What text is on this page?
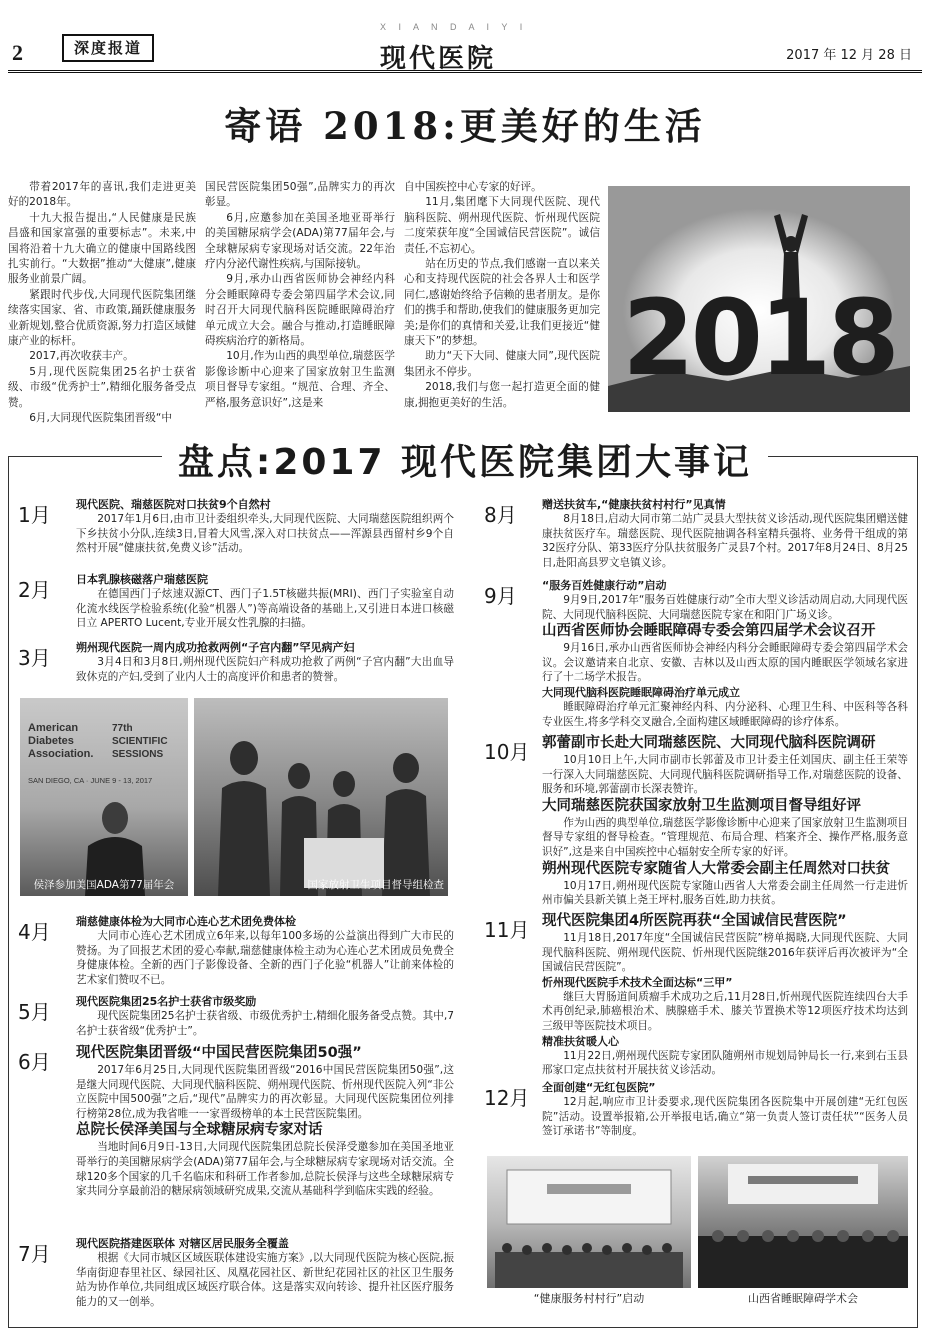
2	深度报道
X I A N D A I Y I
现代医院	2017 年 12 月 28 日
寄语 2018:更美好的生活

带着2017年的喜讯,我们走进更美好的2018年。

十九大报告提出,“人民健康是民族昌盛和国家富强的重要标志”。未来,中国将沿着十九大确立的健康中国路线图扎实前行。“大数据”推动“大健康”,健康服务业前景广阔。

紧跟时代步伐,大同现代医院集团继续落实国家、省、市政策,踊跃健康服务业新规划,整合优质资源,努力打造区域健康产业的标杆。

2017,再次收获丰产。

5月,现代医院集团25名护士获省级、市级“优秀护士”,精细化服务备受点赞。

6月,大同现代医院集团晋级“中

国民营医院集团50强”,品牌实力的再次彰显。

6月,应邀参加在美国圣地亚哥举行的美国糖尿病学会(ADA)第77届年会,与全球糖尿病专家现场对话交流。22年治疗内分泌代谢性疾病,与国际接轨。

9月,承办山西省医师协会神经内科分会睡眠障碍专委会第四届学术会议,同时召开大同现代脑科医院睡眠障碍治疗单元成立大会。融合与推动,打造睡眠障碍疾病治疗的新格局。

10月,作为山西的典型单位,瑞慈医学影像诊断中心迎来了国家放射卫生监测项目督导专家组。“规范、合理、齐全、严格,服务意识好”,这是来

自中国疾控中心专家的好评。

11月,集团麾下大同现代医院、现代脑科医院、朔州现代医院、忻州现代医院二度荣获年度“全国诚信民营医院”。诚信责任,不忘初心。

站在历史的节点,我们感谢一直以来关心和支持现代医院的社会各界人士和医学同仁,感谢始终给予信赖的患者朋友。是你们的携手和帮助,使我们的健康服务更加完美;是你们的真情和关爱,让我们更接近“健康天下”的梦想。

助力“天下大同、健康大同”,现代医院集团永不停步。

2018,我们与您一起打造更全面的健康,拥抱更美好的生活。

2018
盘点:2017 现代医院集团大事记
1月 现代医院、瑞慈医院对口扶贫9个自然村
2017年1月6日,由市卫计委组织牵头,大同现代医院、大同瑞慈医院组织两个下乡扶贫小分队,连续3日,冒着大风雪,深入对口扶贫点——浑源县西留村乡9个自然村开展“健康扶贫,免费义诊”活动。
2月 日本乳腺核磁落户瑞慈医院
在德国西门子炫速双源CT、西门子1.5T核磁共振(MRI)、西门子实验室自动化流水线医学检验系统(化验“机器人”)等高端设备的基础上,又引进日本进口核磁日立 APERTO Lucent,专业开展女性乳腺的扫描。
3月 朔州现代医院一周内成功抢救两例“子宫内翻”罕见病产妇
3月4日和3月8日,朔州现代医院妇产科成功抢救了两例“子宫内翻”大出血导致休克的产妇,受到了业内人士的高度评价和患者的赞誉。
4月 瑞慈健康体检为大同市心连心艺术团免费体检
大同市心连心艺术团成立6年来,以每年100多场的公益演出得到广大市民的赞扬。为了回报艺术团的爱心奉献,瑞慈健康体检主动为心连心艺术团成员免费全身健康体检。全新的西门子影像设备、全新的西门子化验“机器人”让前来体检的艺术家们赞叹不已。
5月 现代医院集团25名护士获省市级奖励
现代医院集团25名护士获省级、市级优秀护士,精细化服务备受点赞。其中,7名护士获省级“优秀护士”。
6月 现代医院集团晋级“中国民营医院集团50强”
2017年6月25日,大同现代医院集团晋级“2016中国民营医院集团50强”,这是继大同现代医院、大同现代脑科医院、朔州现代医院、忻州现代医院入列“非公立医院中国500强”之后,“现代”品牌实力的再次彰显。大同现代医院集团位列排行榜第28位,成为我省唯一一家晋级榜单的本土民营医院集团。
总院长侯泽美国与全球糖尿病专家对话
当地时间6月9日-13日,大同现代医院集团总院长侯泽受邀参加在美国圣地亚哥举行的美国糖尿病学会(ADA)第77届年会,与全球糖尿病专家现场对话交流。全球120多个国家的几千名临床和科研工作者参加,总院长侯泽与这些全球糖尿病专家共同分享最前沿的糖尿病领域研究成果,交流从基础科学到临床实践的经验。
7月 现代医院搭建医联体 对辖区居民服务全覆盖
根据《大同市城区区域医联体建设实施方案》,以大同现代医院为核心医院,振华南街迎春里社区、绿园社区、凤凰花园社区、新世纪花园社区的社区卫生服务站为协作单位,共同组成区域医疗联合体。这是落实双向转诊、提升社区医疗服务能力的又一创举。
8月 赠送扶贫车,“健康扶贫村村行”见真情
8月18日,启动大同市第二站广灵县大型扶贫义诊活动,现代医院集团赠送健康扶贫医疗车。瑞慈医院、现代医院抽调各科室精兵强将、业务骨干组成的第32医疗分队、第33医疗分队扶贫服务广灵县7个村。2017年8月24日、8月25日,赴阳高县罗文皂镇义诊。
9月 “服务百姓健康行动”启动
9月9日,2017年“服务百姓健康行动”全市大型义诊活动周启动,大同现代医院、大同现代脑科医院、大同瑞慈医院专家在和阳门广场义诊。
山西省医师协会睡眠障碍专委会第四届学术会议召开
9月16日,承办山西省医师协会神经内科分会睡眠障碍专委会第四届学术会议。会议邀请来自北京、安徽、吉林以及山西太原的国内睡眠医学领域名家进行了十二场学术报告。
大同现代脑科医院睡眠障碍治疗单元成立
睡眠障碍治疗单元汇聚神经内科、内分泌科、心理卫生科、中医科等各科专业医生,将多学科交叉融合,全面构建区域睡眠障碍的诊疗体系。
10月 郭蕾副市长赴大同瑞慈医院、大同现代脑科医院调研
10月10日上午,大同市副市长郭蕾及市卫计委主任刘国庆、副主任王荣等一行深入大同瑞慈医院、大同现代脑科医院调研指导工作,对瑞慈医院的设备、服务和环境,郭蕾副市长深表赞许。
大同瑞慈医院获国家放射卫生监测项目督导组好评
作为山西的典型单位,瑞慈医学影像诊断中心迎来了国家放射卫生监测项目督导专家组的督导检查。“管理规范、布局合理、档案齐全、操作严格,服务意识好”,这是来自中国疾控中心辐射安全所专家的好评。
朔州现代医院专家随省人大常委会副主任周然对口扶贫
10月17日,朔州现代医院专家随山西省人大常委会副主任周然一行走进忻州市偏关县新关镇上尧王坪村,服务百姓,助力扶贫。
11月 现代医院集团4所医院再获“全国诚信民营医院”
11月18日,2017年度“全国诚信民营医院”榜单揭晓,大同现代医院、大同现代脑科医院、朔州现代医院、忻州现代医院继2016年获评后再次被评为“全国诚信民营医院”。
忻州现代医院手术技术全面达标“三甲”
继巨大胃肠道间质瘤手术成功之后,11月28日,忻州现代医院连续四台大手术再创纪录,肺癌根治术、胰腺癌手术、膝关节置换术等12项医疗技术均达到三级甲等医院技术项目。
精准扶贫暖人心
11月22日,朔州现代医院专家团队随朔州市规划局钟局长一行,来到右玉县邢家口定点扶贫村开展扶贫义诊活动。
12月 全面创建“无红包医院”
12月起,响应市卫计委要求,现代医院集团各医院集中开展创建“无红包医院”活动。设置举报箱,公开举报电话,确立“第一负责人签订责任状”“医务人员签订承诺书”等制度。
American Diabetes Association.
77th SCIENTIFIC SESSIONS
SAN DIEGO, CA · JUNE 9 - 13, 2017
侯泽参加美国ADA第77届年会	国家放射卫生项目督导组检查
“健康服务村村行”启动	山西省睡眠障碍学术会
